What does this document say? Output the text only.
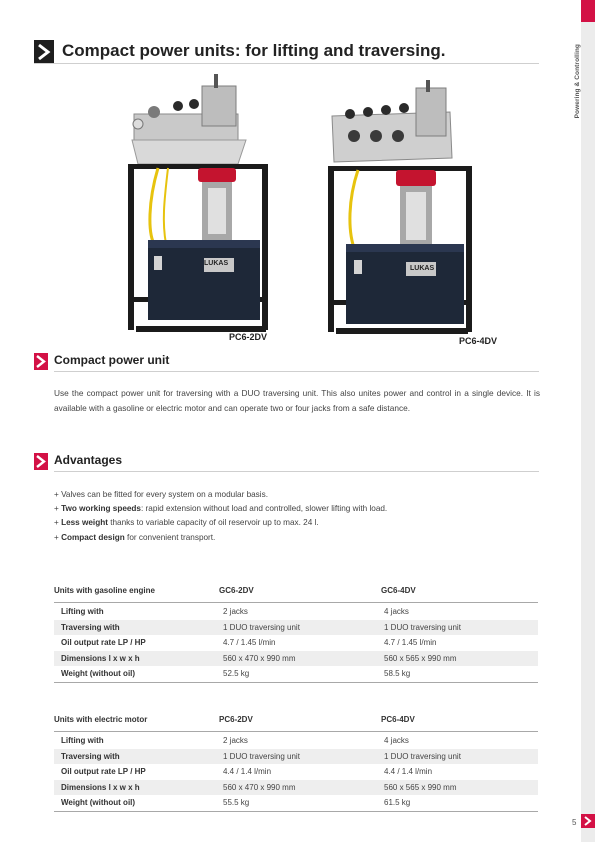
Powering & Controlling
5
Compact power units: for lifting and traversing.
LUKAS
PC6-2DV
LUKAS
PC6-4DV
Compact power unit

Use the compact power unit for traversing with a DUO traversing unit. This also unites power and control in a single device. It is available with a gasoline or electric motor and can operate two or four jacks from a safe distance.

Advantages
+ Valves can be fitted for every system on a modular basis.
+ Two working speeds: rapid extension without load and controlled, slower lifting with load.
+ Less weight thanks to variable capacity of oil reservoir up to max. 24 l.
+ Compact design for convenient transport.
Units with gasoline engine	GC6-2DV	GC6-4DV
Lifting with	2 jacks	4 jacks
Traversing with	1 DUO traversing unit	1 DUO traversing unit
Oil output rate LP / HP	4.7 / 1.45 l/min	4.7 / 1.45 l/min
Dimensions l x w x h	560 x 470 x 990 mm	560 x 565 x 990 mm
Weight (without oil)	52.5 kg	58.5 kg
Units with electric motor	PC6-2DV	PC6-4DV
Lifting with	2 jacks	4 jacks
Traversing with	1 DUO traversing unit	1 DUO traversing unit
Oil output rate LP / HP	4.4 / 1.4 l/min	4.4 / 1.4 l/min
Dimensions l x w x h	560 x 470 x 990 mm	560 x 565 x 990 mm
Weight (without oil)	55.5 kg	61.5 kg
